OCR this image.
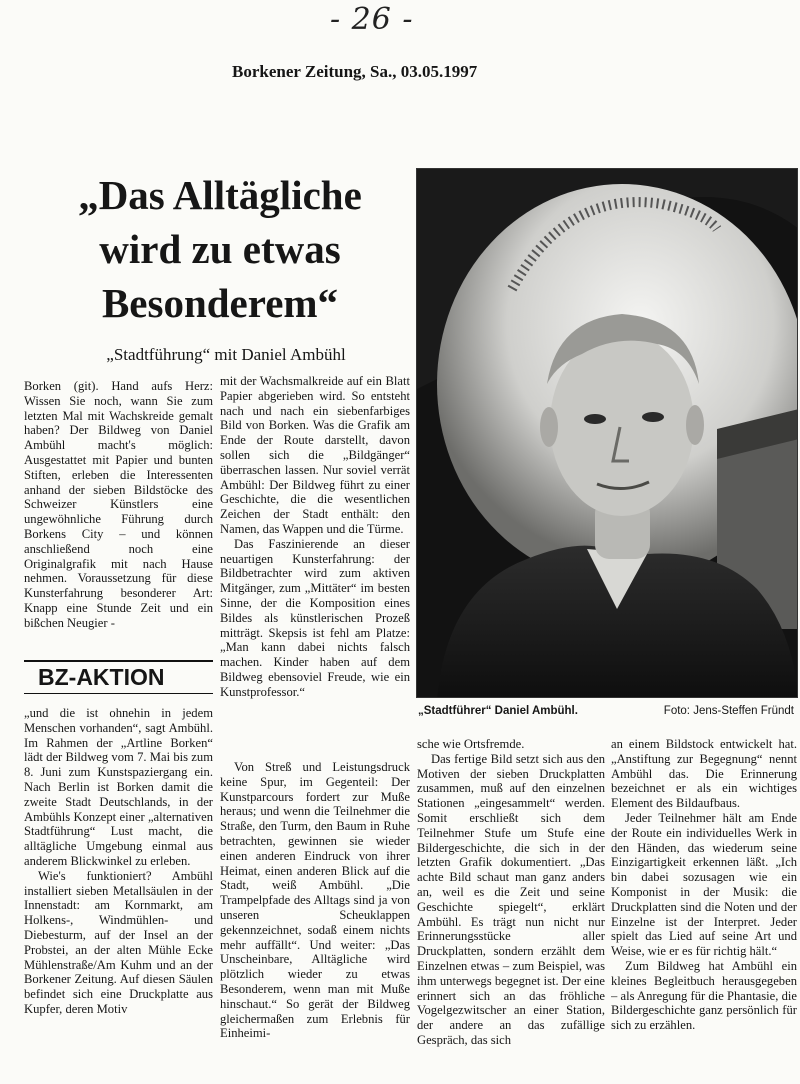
- 26 -
Borkener Zeitung, Sa., 03.05.1997
„Das Alltägliche
wird zu etwas
Besonderem“
„Stadtführung“ mit Daniel Ambühl

Borken (git). Hand aufs Herz: Wissen Sie noch, wann Sie zum letzten Mal mit Wachskreide gemalt haben? Der Bildweg von Daniel Ambühl macht's möglich: Ausgestattet mit Papier und bunten Stiften, erleben die Interessenten anhand der sieben Bildstöcke des Schweizer Künstlers eine ungewöhnliche Führung durch Borkens City – und können anschließend noch eine Originalgrafik mit nach Hause nehmen. Voraussetzung für diese Kunsterfahrung besonderer Art: Knapp eine Stunde Zeit und ein bißchen Neugier -

BZ-AKTION

„und die ist ohnehin in jedem Menschen vorhanden“, sagt Ambühl. Im Rahmen der „Artline Borken“ lädt der Bildweg vom 7. Mai bis zum 8. Juni zum Kunstspaziergang ein. Nach Berlin ist Borken damit die zweite Stadt Deutschlands, in der Ambühls Konzept einer „alternativen Stadtführung“ Lust macht, die alltägliche Umgebung einmal aus anderem Blickwinkel zu erleben.

Wie's funktioniert? Ambühl installiert sieben Metallsäulen in der Innenstadt: am Kornmarkt, am Holkens-, Windmühlen- und Diebesturm, auf der Insel an der Probstei, an der alten Mühle Ecke Mühlenstraße/Am Kuhm und an der Borkener Zeitung. Auf diesen Säulen befindet sich eine Druckplatte aus Kupfer, deren Motiv

mit der Wachsmalkreide auf ein Blatt Papier abgerieben wird. So entsteht nach und nach ein siebenfarbiges Bild von Borken. Was die Grafik am Ende der Route darstellt, davon sollen sich die „Bildgänger“ überraschen lassen. Nur soviel verrät Ambühl: Der Bildweg führt zu einer Geschichte, die die wesentlichen Zeichen der Stadt enthält: den Namen, das Wappen und die Türme.

Das Faszinierende an dieser neuartigen Kunsterfahrung: der Bildbetrachter wird zum aktiven Mitgänger, zum „Mittäter“ im besten Sinne, der die Komposition eines Bildes als künstlerischen Prozeß mitträgt. Skepsis ist fehl am Platze: „Man kann dabei nichts falsch machen. Kinder haben auf dem Bildweg ebensoviel Freude, wie ein Kunstprofessor.“

Von Streß und Leistungsdruck keine Spur, im Gegenteil: Der Kunstparcours fordert zur Muße heraus; und wenn die Teilnehmer die Straße, den Turm, den Baum in Ruhe betrachten, gewinnen sie wieder einen anderen Eindruck von ihrer Heimat, einen anderen Blick auf die Stadt, weiß Ambühl. „Die Trampelpfade des Alltags sind ja von unseren Scheuklappen gekennzeichnet, sodaß einem nichts mehr auffällt“. Und weiter: „Das Unscheinbare, Alltägliche wird plötzlich wieder zu etwas Besonderem, wenn man mit Muße hinschaut.“ So gerät der Bildweg gleichermaßen zum Erlebnis für Einheimi-

„Stadtführer“ Daniel Ambühl.	Foto: Jens-Steffen Fründt

sche wie Ortsfremde.

Das fertige Bild setzt sich aus den Motiven der sieben Druckplatten zusammen, muß auf den einzelnen Stationen „eingesammelt“ werden. Somit erschließt sich dem Teilnehmer Stufe um Stufe eine Bildergeschichte, die sich in der letzten Grafik dokumentiert. „Das achte Bild schaut man ganz anders an, weil es die Zeit und seine Geschichte spiegelt“, erklärt Ambühl. Es trägt nun nicht nur Erinnerungsstücke aller Druckplatten, sondern erzählt dem Einzelnen etwas – zum Beispiel, was ihm unterwegs begegnet ist. Der eine erinnert sich an das fröhliche Vogelgezwitscher an einer Station, der andere an das zufällige Gespräch, das sich

an einem Bildstock entwickelt hat. „Anstiftung zur Begegnung“ nennt Ambühl das. Die Erinnerung bezeichnet er als ein wichtiges Element des Bildaufbaus.

Jeder Teilnehmer hält am Ende der Route ein individuelles Werk in den Händen, das wiederum seine Einzigartigkeit erkennen läßt. „Ich bin dabei sozusagen wie ein Komponist in der Musik: die Druckplatten sind die Noten und der Einzelne ist der Interpret. Jeder spielt das Lied auf seine Art und Weise, wie er es für richtig hält.“

Zum Bildweg hat Ambühl ein kleines Begleitbuch herausgegeben – als Anregung für die Phantasie, die Bildergeschichte ganz persönlich für sich zu erzählen.
